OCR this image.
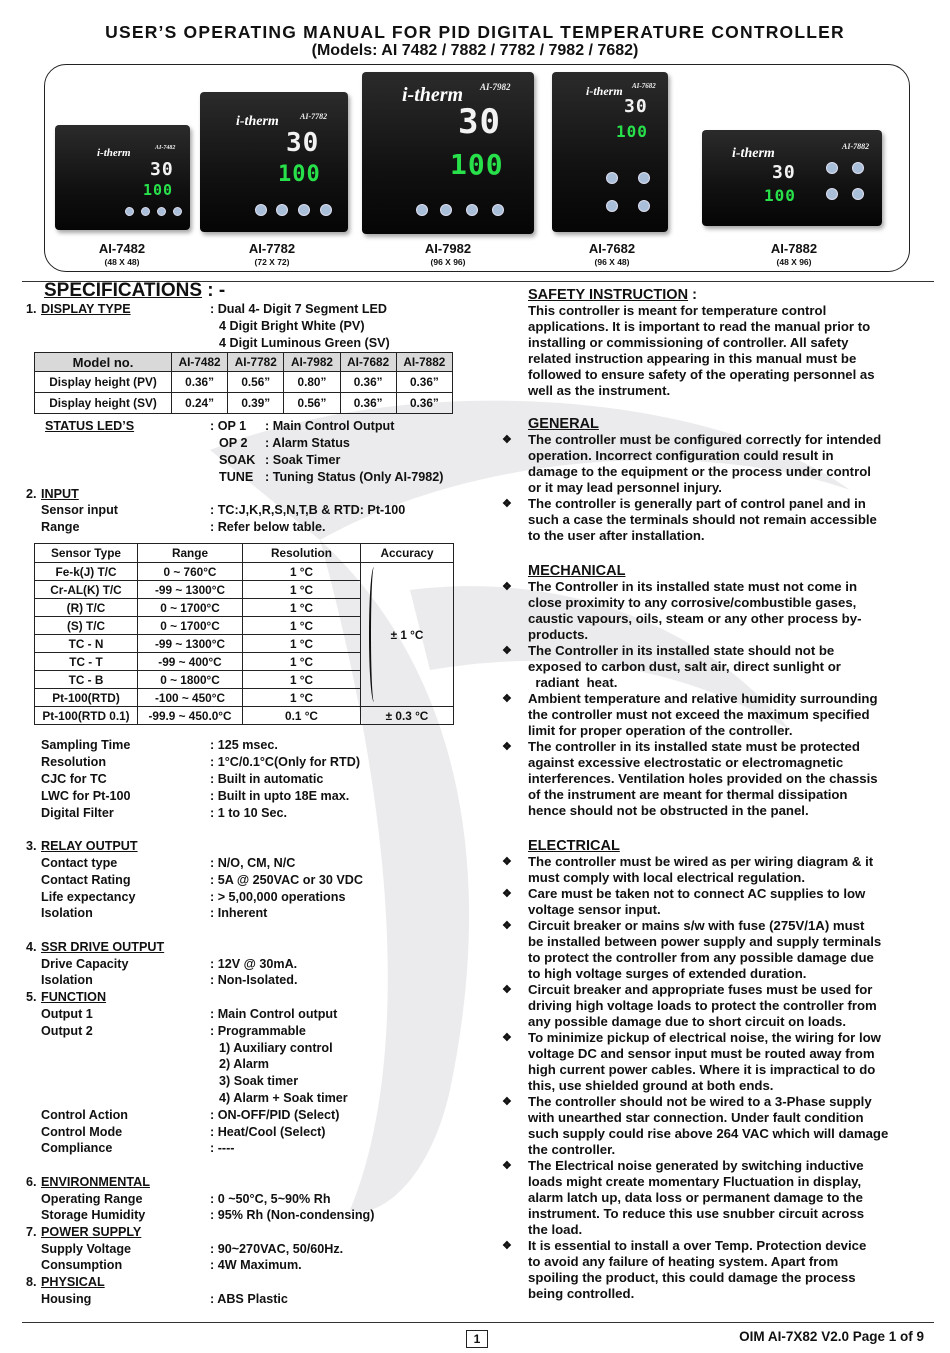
USER’S OPERATING MANUAL FOR PID DIGITAL TEMPERATURE CONTROLLER
(Models: AI 7482 / 7882 / 7782 / 7982 / 7682)
i-therm	AI-7482
30
100
i-therm	AI-7782
30
100
i-therm AI-7982
30
100
i-therm AI-7682
30
100
i-therm	AI-7882
30
100
AI-7482
(48 X 48)
AI-7782
(72 X 72)
AI-7982
(96 X 96)
AI-7682
(96 X 48)
AI-7882
(48 X 96)
SPECIFICATIONS : -
1. DISPLAY TYPE	: Dual 4- Digit 7 Segment LED
4 Digit Bright White (PV)
4 Digit Luminous Green (SV)
Model no.	AI-7482	AI-7782	AI-7982	AI-7682	AI-7882
Display height (PV)	0.36”	0.56”	0.80”	0.36”	0.36”
Display height (SV)	0.24”	0.39”	0.56”	0.36”	0.36”
STATUS LED’S	: OP 1 : Main Control Output
OP 2 : Alarm Status
SOAK : Soak Timer
TUNE : Tuning Status (Only AI-7982)
2. INPUT
Sensor input	: TC:J,K,R,S,N,T,B & RTD: Pt-100
Range	: Refer below table.
Sensor Type	Range	Resolution	Accuracy
Fe-k(J) T/C	0 ~ 760°C	1 °C	± 1 °C
Cr-AL(K) T/C	-99 ~ 1300°C	1 °C	
(R) T/C	0 ~ 1700°C	1 °C	
(S) T/C	0 ~ 1700°C	1 °C	
TC - N	-99 ~ 1300°C	1 °C	
TC - T	-99 ~ 400°C	1 °C	
TC - B	0 ~ 1800°C	1 °C	
Pt-100(RTD)	-100 ~ 450°C	1 °C	
Pt-100(RTD 0.1)	-99.9 ~ 450.0°C	0.1 °C	± 0.3 °C
Sampling Time	: 125 msec.
Resolution	: 1°C/0.1°C(Only for RTD)
CJC for TC	: Built in automatic
LWC for Pt-100	: Built in upto 18E max.
Digital Filter	: 1 to 10 Sec.
3. RELAY OUTPUT
Contact type	: N/O, CM, N/C
Contact Rating	: 5A @ 250VAC or 30 VDC
Life expectancy	: > 5,00,000 operations
Isolation	: Inherent
4. SSR DRIVE OUTPUT
Drive Capacity	: 12V @ 30mA.
Isolation	: Non-Isolated.
5. FUNCTION
Output 1	: Main Control output
Output 2	: Programmable
1) Auxiliary control
2) Alarm
3) Soak timer
4) Alarm + Soak timer
Control Action	: ON-OFF/PID (Select)
Control Mode	: Heat/Cool (Select)
Compliance	: ----
6. ENVIRONMENTAL
Operating Range	: 0 ~50°C, 5~90% Rh
Storage Humidity	: 95% Rh (Non-condensing)
7. POWER SUPPLY
Supply Voltage	: 90~270VAC, 50/60Hz.
Consumption	: 4W Maximum.
8. PHYSICAL
Housing	: ABS Plastic
SAFETY INSTRUCTION :
This controller is meant for temperature control
applications. It is important to read the manual prior to
installing or commissioning of controller. All safety
related instruction appearing in this manual must be
followed to ensure safety of the operating personnel as
well as the instrument.
GENERAL
❖ The controller must be configured correctly for intended
operation. Incorrect configuration could result in
damage to the equipment or the process under control
or it may lead personnel injury.
❖ The controller is generally part of control panel and in
such a case the terminals should not remain accessible
to the user after installation.
MECHANICAL
❖ The Controller in its installed state must not come in
close proximity to any corrosive/combustible gases,
caustic vapours, oils, steam or any other process by-
products.
❖ The Controller in its installed state should not be
exposed to carbon dust, salt air, direct sunlight or
radiant  heat.
❖ Ambient temperature and relative humidity surrounding
the controller must not exceed the maximum specified
limit for proper operation of the controller.
❖ The controller in its installed state must be protected
against excessive electrostatic or electromagnetic
interferences. Ventilation holes provided on the chassis
of the instrument are meant for thermal dissipation
hence should not be obstructed in the panel.
ELECTRICAL
❖ The controller must be wired as per wiring diagram & it
must comply with local electrical regulation.
❖ Care must be taken not to connect AC supplies to low
voltage sensor input.
❖ Circuit breaker or mains s/w with fuse (275V/1A) must
be installed between power supply and supply terminals
to protect the controller from any possible damage due
to high voltage surges of extended duration.
❖ Circuit breaker and appropriate fuses must be used for
driving high voltage loads to protect the controller from
any possible damage due to short circuit on loads.
❖ To minimize pickup of electrical noise, the wiring for low
voltage DC and sensor input must be routed away from
high current power cables. Where it is impractical to do
this, use shielded ground at both ends.
❖ The controller should not be wired to a 3-Phase supply
with unearthed star connection. Under fault condition
such supply could rise above 264 VAC which will damage
the controller.
❖ The Electrical noise generated by switching inductive
loads might create momentary Fluctuation in display,
alarm latch up, data loss or permanent damage to the
instrument. To reduce this use snubber circuit across
the load.
❖ It is essential to install a over Temp. Protection device
to avoid any failure of heating system. Apart from
spoiling the product, this could damage the process
being controlled.
1	OIM AI-7X82 V2.0 Page 1 of 9
